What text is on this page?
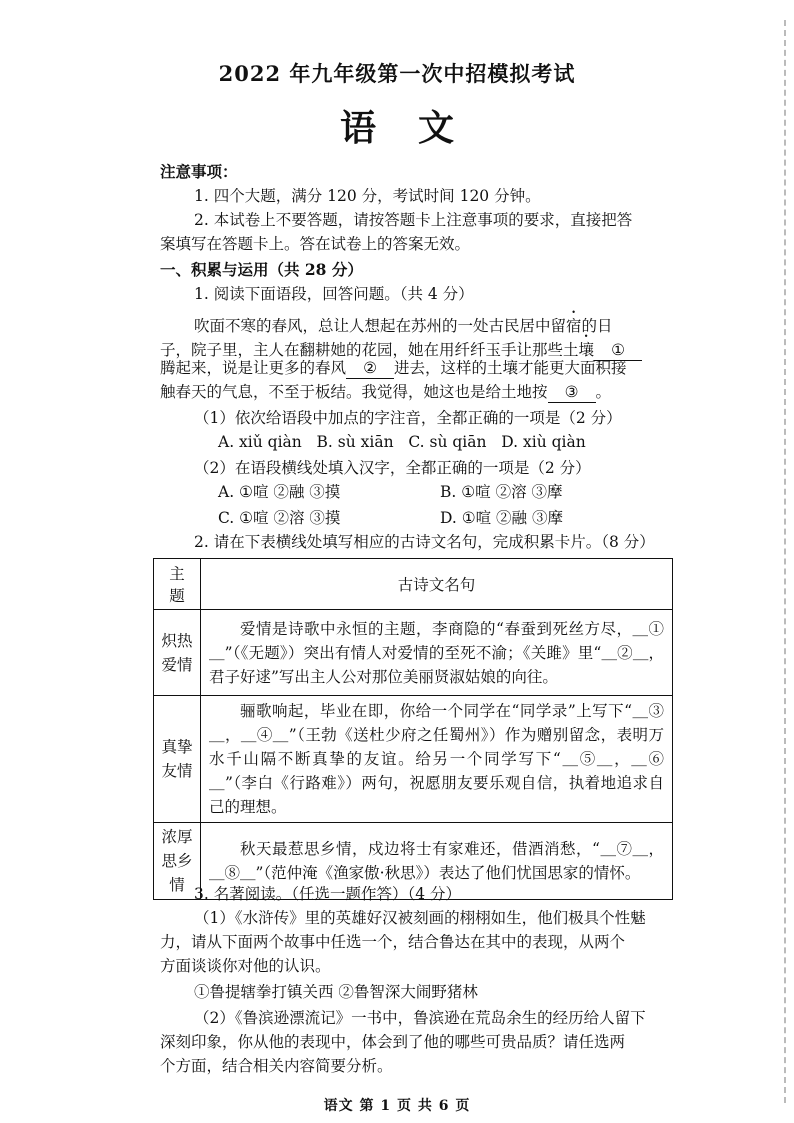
2022 年九年级第一次中招模拟考试
语文
注意事项：
1. 四个大题，满分 120 分，考试时间 120 分钟。
2. 本试卷上不要答题，请按答题卡上注意事项的要求，直接把答
案填写在答题卡上。答在试卷上的答案无效。
一、积累与运用（共 28 分）
1. 阅读下面语段，回答问题。（共 4 分）
吹面不寒的春风，总让人想起在苏州的一处古民居中留宿的日
子，院子里，主人在翻耕她的花园，她在用纤纤玉手让那些土壤 ①
腾起来，说是让更多的春风 ② 进去，这样的土壤才能更大面积接
触春天的气息，不至于板结。我觉得，她这也是给土地按 ③ 。
（1）依次给语段中加点的字注音，全都正确的一项是（2 分）
A. xiǔ qiàn B. sù xiān C. sù qiān D. xiù qiàn
（2）在语段横线处填入汉字，全都正确的一项是（2 分）
A. ①喧 ②融 ③摸	B. ①喧 ②溶 ③摩
C. ①喧 ②溶 ③摸	D. ①喧 ②融 ③摩
2. 请在下表横线处填写相应的古诗文名句，完成积累卡片。（8 分）
主题	古诗文名句
炽热爱情	爱情是诗歌中永恒的主题，李商隐的“春蚕到死丝方尽，＿①＿”（《无题》）突出有情人对爱情的至死不渝；《关雎》里“＿②＿，君子好逑”写出主人公对那位美丽贤淑姑娘的向往。
真挚友情	骊歌响起，毕业在即，你给一个同学在“同学录”上写下“＿③＿，＿④＿”（王勃《送杜少府之任蜀州》）作为赠别留念，表明万水千山隔不断真挚的友谊。给另一个同学写下“＿⑤＿，＿⑥＿”（李白《行路难》）两句，祝愿朋友要乐观自信，执着地追求自己的理想。
浓厚思乡情	秋天最惹思乡情，戍边将士有家难还，借酒消愁，“＿⑦＿，＿⑧＿”（范仲淹《渔家傲·秋思》）表达了他们忧国思家的情怀。
3. 名著阅读。（任选一题作答）（4 分）
（1）《水浒传》里的英雄好汉被刻画的栩栩如生，他们极具个性魅
力，请从下面两个故事中任选一个，结合鲁达在其中的表现，从两个
方面谈谈你对他的认识。
①鲁提辖拳打镇关西 ②鲁智深大闹野猪林
（2）《鲁滨逊漂流记》一书中，鲁滨逊在荒岛余生的经历给人留下
深刻印象，你从他的表现中，体会到了他的哪些可贵品质？请任选两
个方面，结合相关内容简要分析。
语文 第 1 页 共 6 页
